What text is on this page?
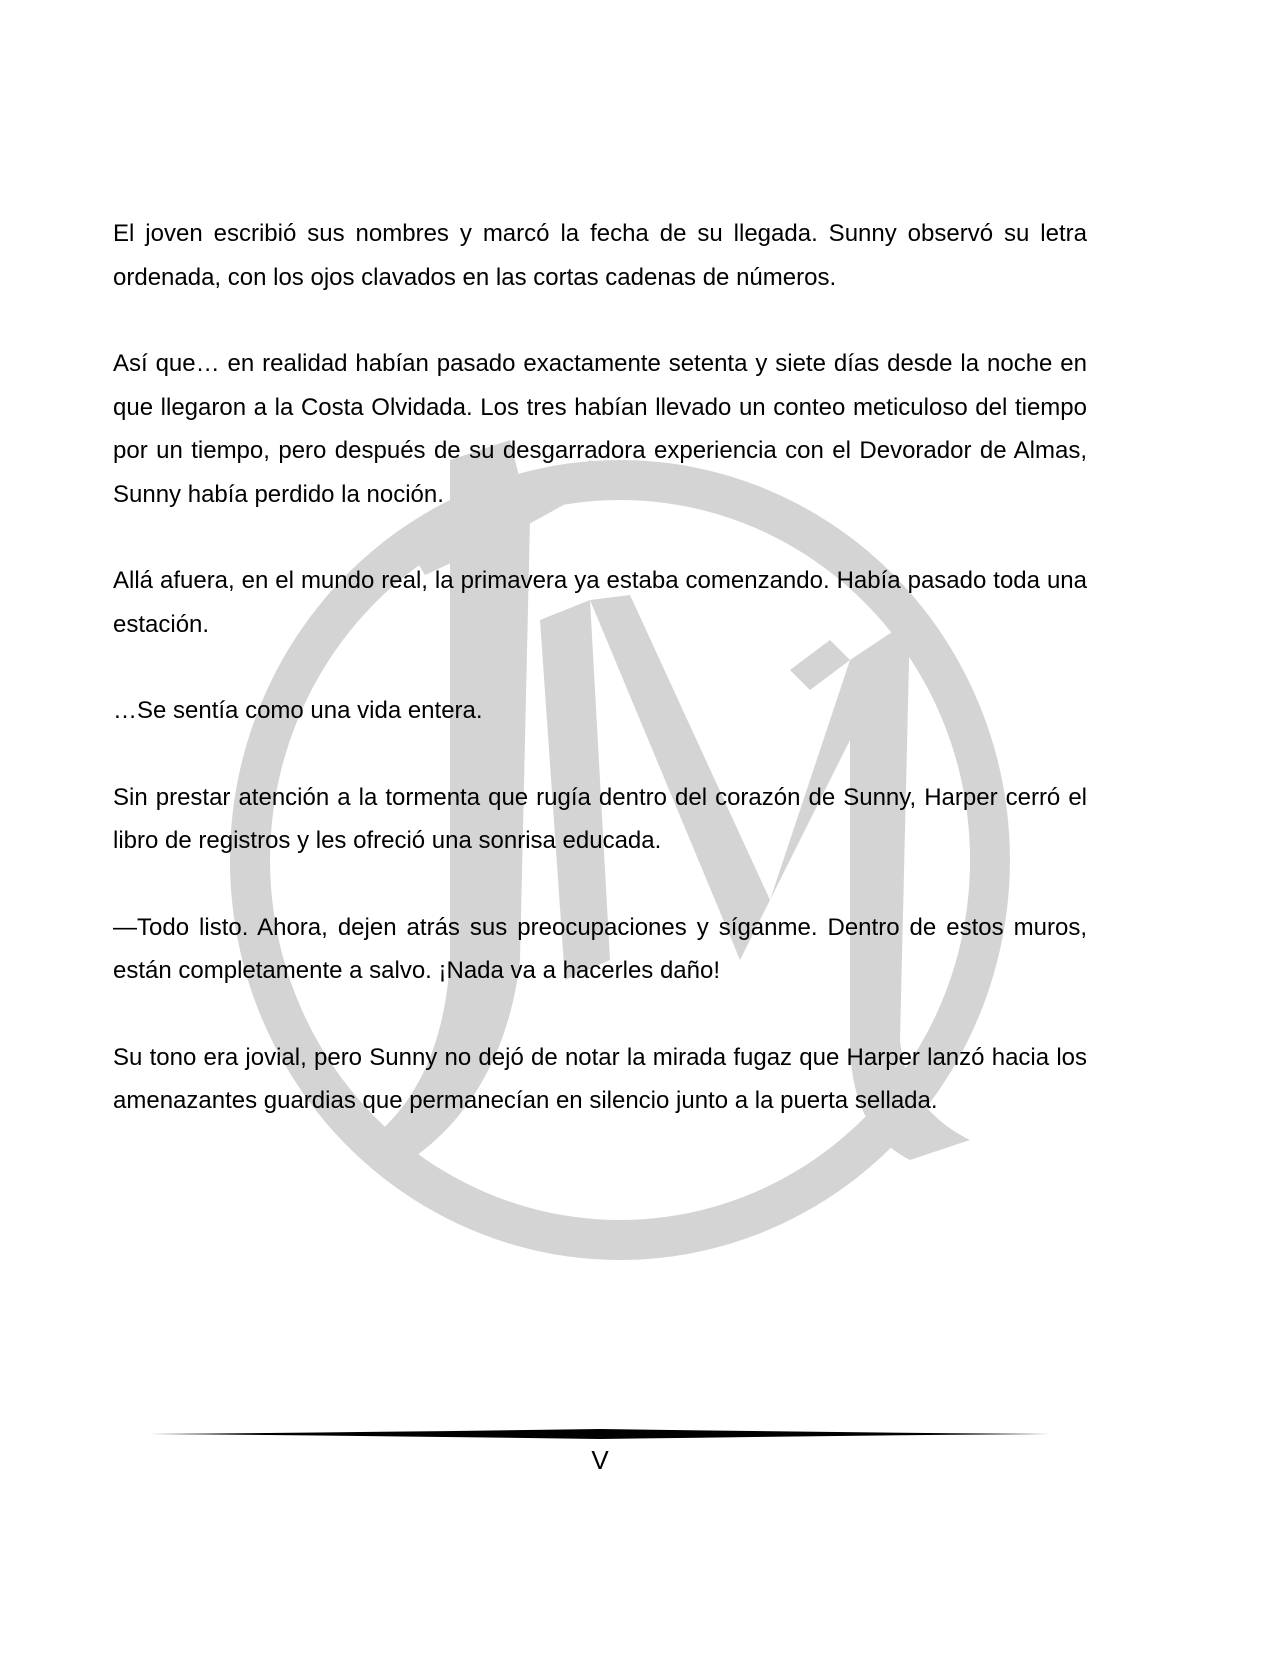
El joven escribió sus nombres y marcó la fecha de su llegada. Sunny observó su letra ordenada, con los ojos clavados en las cortas cadenas de números.

Así que… en realidad habían pasado exactamente setenta y siete días desde la noche en que llegaron a la Costa Olvidada. Los tres habían llevado un conteo meticuloso del tiempo por un tiempo, pero después de su desgarradora experiencia con el Devorador de Almas, Sunny había perdido la noción.

Allá afuera, en el mundo real, la primavera ya estaba comenzando. Había pasado toda una estación.

…Se sentía como una vida entera.

Sin prestar atención a la tormenta que rugía dentro del corazón de Sunny, Harper cerró el libro de registros y les ofreció una sonrisa educada.

—Todo listo. Ahora, dejen atrás sus preocupaciones y síganme. Dentro de estos muros, están completamente a salvo. ¡Nada va a hacerles daño!

Su tono era jovial, pero Sunny no dejó de notar la mirada fugaz que Harper lanzó hacia los amenazantes guardias que permanecían en silencio junto a la puerta sellada.

V
